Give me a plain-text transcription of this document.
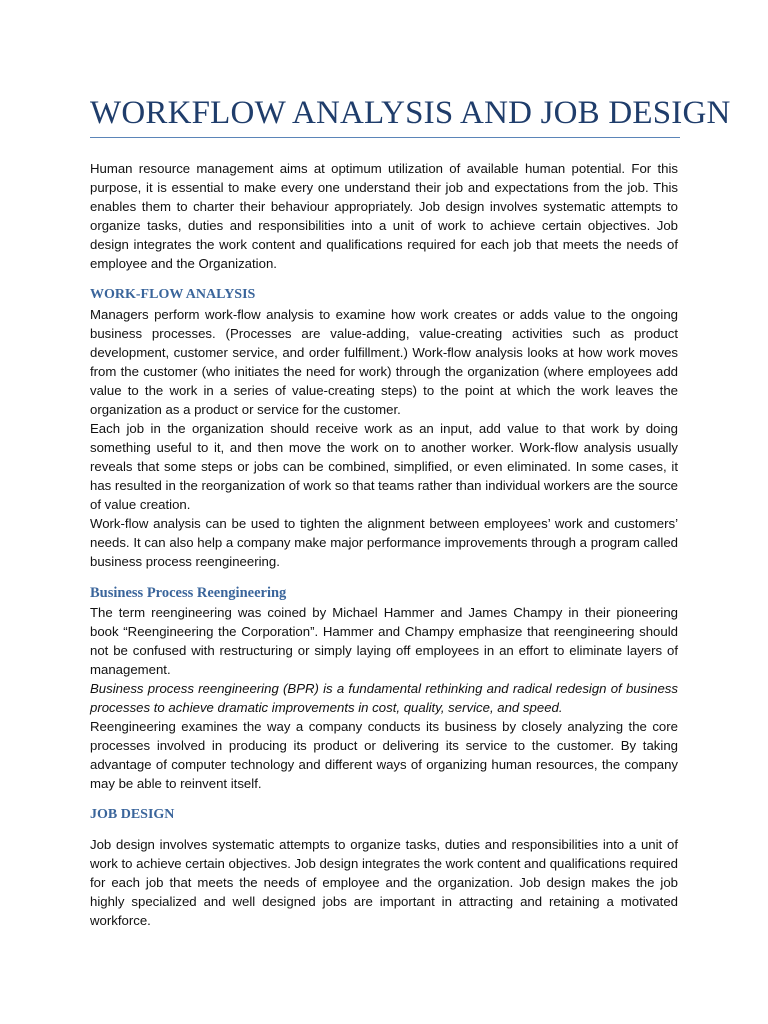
WORKFLOW ANALYSIS AND JOB DESIGN

Human resource management aims at optimum utilization of available human potential. For this purpose, it is essential to make every one understand their job and expectations from the job. This enables them to charter their behaviour appropriately. Job design involves systematic attempts to organize tasks, duties and responsibilities into a unit of work to achieve certain objectives. Job design integrates the work content and qualifications required for each job that meets the needs of employee and the Organization.

WORK-FLOW ANALYSIS

Managers perform work-flow analysis to examine how work creates or adds value to the ongoing business processes. (Processes are value-adding, value-creating activities such as product development, customer service, and order fulfillment.) Work-flow analysis looks at how work moves from the customer (who initiates the need for work) through the organization (where employees add value to the work in a series of value-creating steps) to the point at which the work leaves the organization as a product or service for the customer.

Each job in the organization should receive work as an input, add value to that work by doing something useful to it, and then move the work on to another worker. Work-flow analysis usually reveals that some steps or jobs can be combined, simplified, or even eliminated. In some cases, it has resulted in the reorganization of work so that teams rather than individual workers are the source of value creation.

Work-flow analysis can be used to tighten the alignment between employees’ work and customers’ needs. It can also help a company make major performance improvements through a program called business process reengineering.

Business Process Reengineering

The term reengineering was coined by Michael Hammer and James Champy in their pioneering book “Reengineering the Corporation”. Hammer and Champy emphasize that reengineering should not be confused with restructuring or simply laying off employees in an effort to eliminate layers of management.

Business process reengineering (BPR) is a fundamental rethinking and radical redesign of business processes to achieve dramatic improvements in cost, quality, service, and speed.

Reengineering examines the way a company conducts its business by closely analyzing the core processes involved in producing its product or delivering its service to the customer. By taking advantage of computer technology and different ways of organizing human resources, the company may be able to reinvent itself.

JOB DESIGN

Job design involves systematic attempts to organize tasks, duties and responsibilities into a unit of work to achieve certain objectives. Job design integrates the work content and qualifications required for each job that meets the needs of employee and the organization. Job design makes the job highly specialized and well designed jobs are important in attracting and retaining a motivated workforce.
